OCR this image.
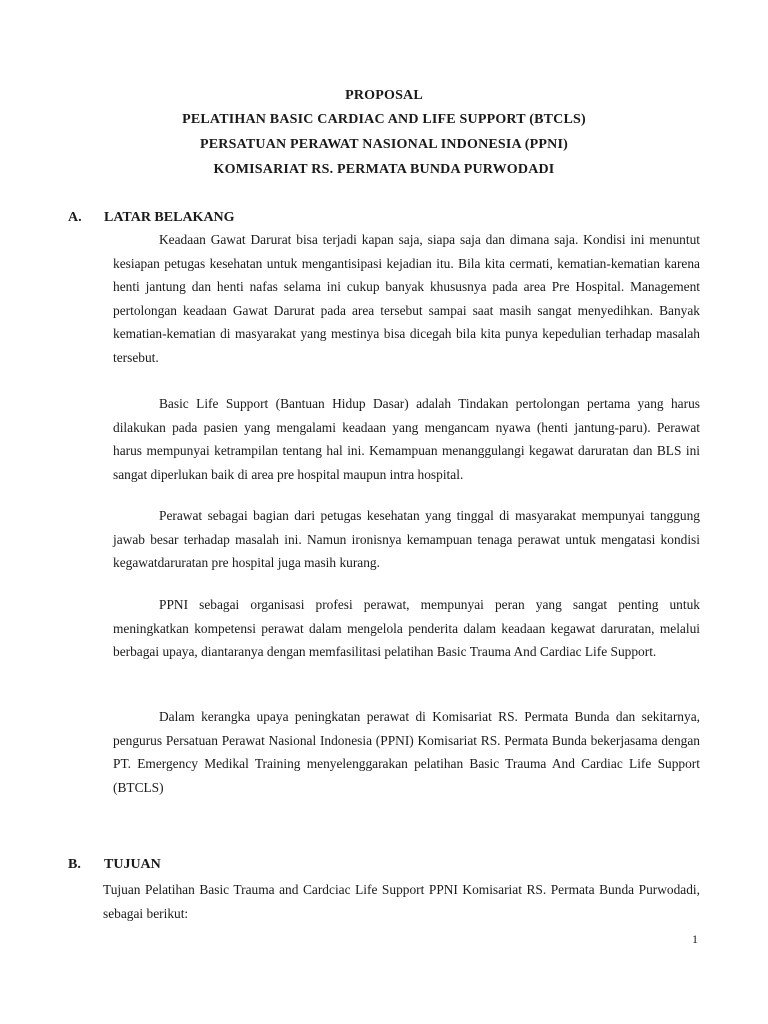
PROPOSAL
PELATIHAN BASIC CARDIAC AND LIFE SUPPORT (BTCLS)
PERSATUAN PERAWAT NASIONAL INDONESIA (PPNI)
KOMISARIAT RS. PERMATA BUNDA PURWODADI
A. LATAR BELAKANG
Keadaan Gawat Darurat bisa terjadi kapan saja, siapa saja dan dimana saja. Kondisi ini menuntut kesiapan petugas kesehatan untuk mengantisipasi kejadian itu. Bila kita cermati, kematian-kematian karena henti jantung dan henti nafas selama ini cukup banyak khususnya pada area Pre Hospital. Management pertolongan keadaan Gawat Darurat pada area tersebut sampai saat masih sangat menyedihkan. Banyak kematian-kematian di masyarakat yang mestinya bisa dicegah bila kita punya kepedulian terhadap masalah tersebut.
Basic Life Support (Bantuan Hidup Dasar) adalah Tindakan pertolongan pertama yang harus dilakukan pada pasien yang mengalami keadaan yang mengancam nyawa (henti jantung-paru). Perawat harus mempunyai ketrampilan tentang hal ini. Kemampuan menanggulangi kegawat daruratan dan BLS ini sangat diperlukan baik di area pre hospital maupun intra hospital.
Perawat sebagai bagian dari petugas kesehatan yang tinggal di masyarakat mempunyai tanggung jawab besar terhadap masalah ini. Namun ironisnya kemampuan tenaga perawat untuk mengatasi kondisi kegawatdaruratan pre hospital juga masih kurang.
PPNI sebagai organisasi profesi perawat, mempunyai peran yang sangat penting untuk meningkatkan kompetensi perawat dalam mengelola penderita dalam keadaan kegawat daruratan, melalui berbagai upaya, diantaranya dengan memfasilitasi pelatihan Basic Trauma And Cardiac Life Support.
Dalam kerangka upaya peningkatan perawat di Komisariat RS. Permata Bunda dan sekitarnya, pengurus Persatuan Perawat Nasional Indonesia (PPNI) Komisariat RS. Permata Bunda bekerjasama dengan PT. Emergency Medikal Training menyelenggarakan pelatihan Basic Trauma And Cardiac Life Support (BTCLS)
B. TUJUAN
Tujuan Pelatihan Basic Trauma and Cardciac Life Support PPNI Komisariat RS. Permata Bunda Purwodadi, sebagai berikut:
1
